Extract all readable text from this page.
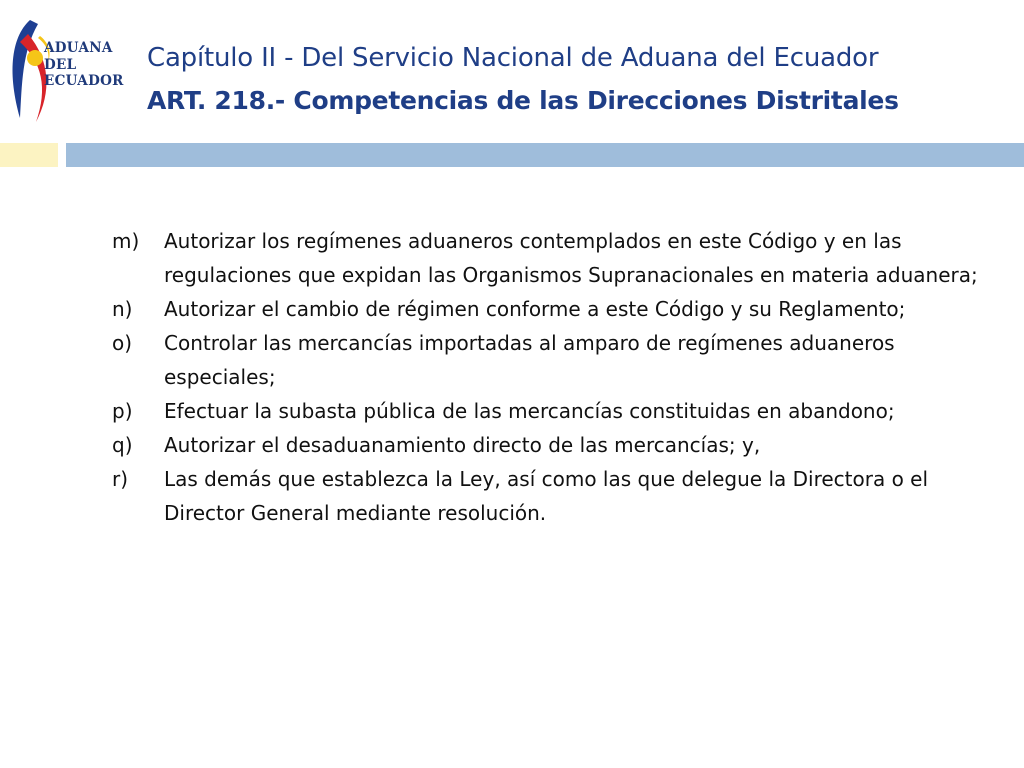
ADUANA
DEL
ECUADOR
Capítulo II - Del Servicio Nacional de Aduana del Ecuador
ART. 218.- Competencias de las Direcciones Distritales
m) Autorizar los regímenes aduaneros contemplados en este Código y en las regulaciones que expidan las Organismos Supranacionales en materia aduanera;
n) Autorizar el cambio de régimen conforme a este Código y su Reglamento;
o) Controlar las mercancías importadas al amparo de regímenes aduaneros especiales;
p) Efectuar la subasta pública de las mercancías constituidas en abandono;
q) Autorizar el desaduanamiento directo de las mercancías; y,
r) Las demás que establezca la Ley, así como las que delegue la Directora o el Director General mediante resolución.
